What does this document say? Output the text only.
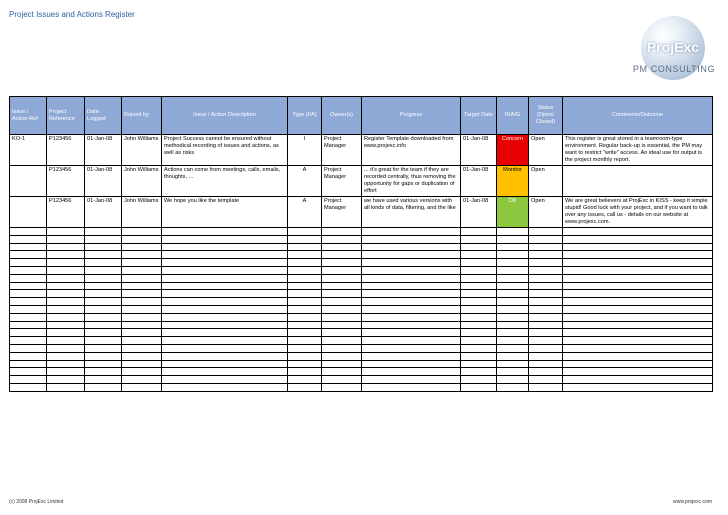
Project Issues and Actions Register
ProjExc
PM CONSULTING
Issue / Action Ref	Project Reference	Date Logged	Raised by	Issue / Action Description	Type (I/A)	Owner(s)	Progress	Target Date	R/A/G	Status (Open/ Closed)	Comments/Outcome
KO-1	P123456	01-Jan-08	John Williams	Project Success cannot be ensured without methodical recording of issues and actions, as well as risks	I	Project Manager	Register Template downloaded from www.projexc.info	01-Jan-08	Concern	Open	This register is great stored in a teamroom-type environment. Regular back-up is essential, the PM may want to restrict "write" access. An ideal use for output is the project monthly report.
	P123456	01-Jan-08	John Williams	Actions can come from meetings, calls, emails, thoughts, ...	A	Project Manager	... it's great for the team if they are recorded centrally, thus removing the opportunity for gaps or duplication of effort	01-Jan-08	Monitor	Open	
	P123456	01-Jan-08	John Williams	We hope you like the template	A	Project Manager	we have used various versions with all kinds of data, filtering, and the like	01-Jan-08	OK	Open	We are great believers at ProjExc in KISS - keep it simple stupid! Good luck with your project, and if you want to talk over any issues, call us - details on our website at www.projexc.com.

(c) 2008 ProjExc Limited	www.projexc.com
